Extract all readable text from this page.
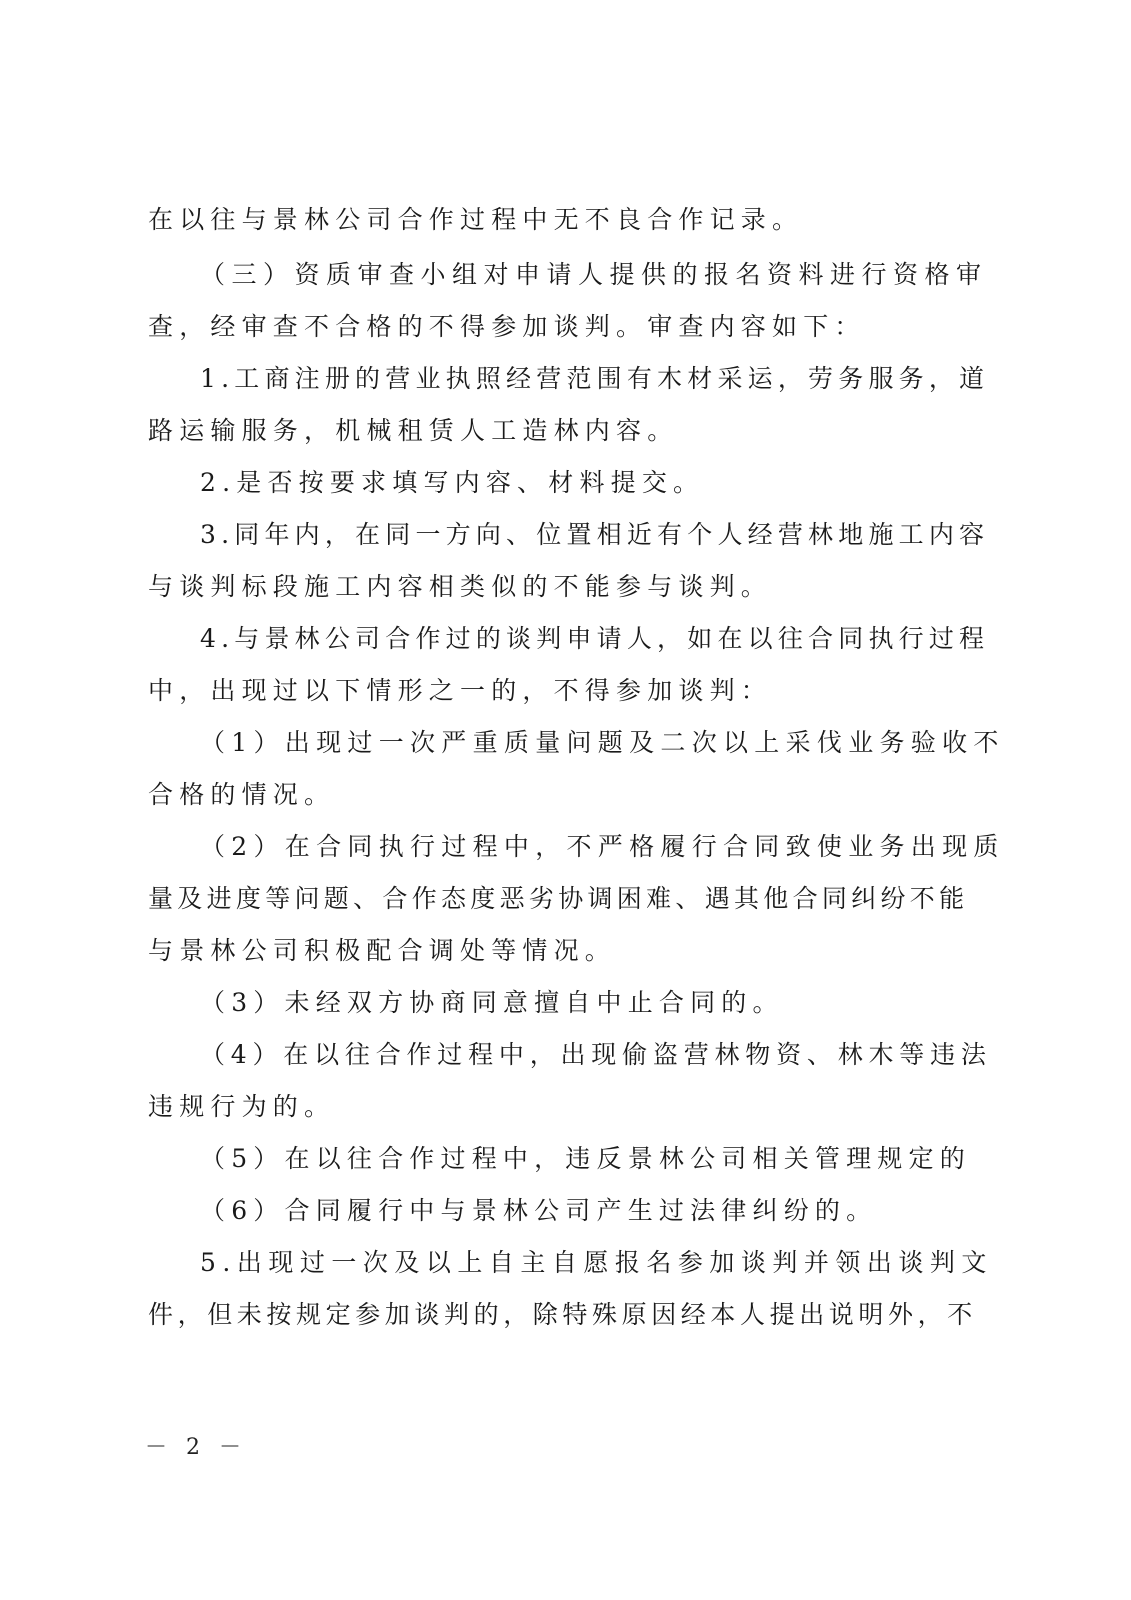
在以往与景林公司合作过程中无不良合作记录。
（三）资质审查小组对申请人提供的报名资料进行资格审
查，经审查不合格的不得参加谈判。审查内容如下：
1.工商注册的营业执照经营范围有木材采运，劳务服务，道
路运输服务，机械租赁人工造林内容。
2.是否按要求填写内容、材料提交。
3.同年内，在同一方向、位置相近有个人经营林地施工内容
与谈判标段施工内容相类似的不能参与谈判。
4.与景林公司合作过的谈判申请人，如在以往合同执行过程
中，出现过以下情形之一的，不得参加谈判：
（1）出现过一次严重质量问题及二次以上采伐业务验收不
合格的情况。
（2）在合同执行过程中，不严格履行合同致使业务出现质
量及进度等问题、合作态度恶劣协调困难、遇其他合同纠纷不能
与景林公司积极配合调处等情况。
（3）未经双方协商同意擅自中止合同的。
（4）在以往合作过程中，出现偷盗营林物资、林木等违法
违规行为的。
（5）在以往合作过程中，违反景林公司相关管理规定的
（6）合同履行中与景林公司产生过法律纠纷的。
5.出现过一次及以上自主自愿报名参加谈判并领出谈判文
件，但未按规定参加谈判的，除特殊原因经本人提出说明外，不
－ 2 －
